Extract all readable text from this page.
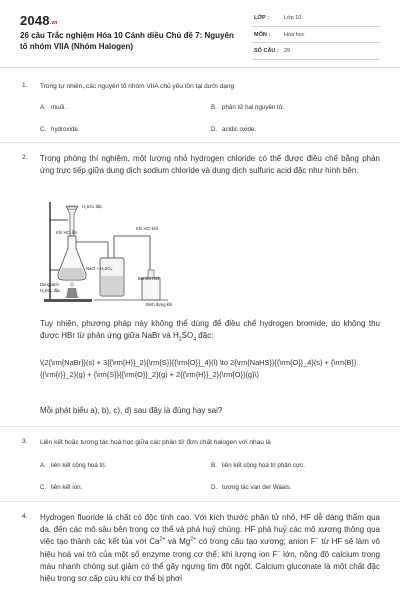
2048.vn
26 câu Trắc nghiệm Hóa 10 Cánh diều Chủ đề 7: Nguyên tố nhóm VIIA (Nhóm Halogen)
LỚP :	Lớp 10
MÔN :	Hóa học
SỐ CÂU : 29
1. Trong tự nhiên, các nguyên tố nhóm VIIA chủ yếu tồn tại dưới dạng
A. muối.	B. phân tử hai nguyên tử.
C. hydroxide.	D. acidic oxide.
2. Trong phòng thí nghiệm, một lượng nhỏ hydrogen chloride có thể được điều chế bằng phản ứng trực tiếp giữa dung dịch sodium chloride và dung dịch sulfuric acid đặc như hình bên.
H₂SO₄ đặc
Khí HCl ẩm
Khí HCl khô
NaCl + H₂SO₄
Bọt khí HCl
Dung dịch
H₂SO₄ đặc
Bình đựng khí
Tuy nhiên, phương pháp này không thể dùng để điều chế hydrogen bromide, do không thu được HBr từ phản ứng giữa NaBr và $H_2SO_4$ đặc:
\(2{\rm{NaBr}}(s) + 3{{\rm{H}}_2}{\rm{S}}{{\rm{O}}_4}(l) \to 2{\rm{NaHS}}{{\rm{O}}_4}(s) + {\rm{B}}{{\rm{r}}_2}(g) + {\rm{S}}{{\rm{O}}_2}(g) + 2{{\rm{H}}_2}{\rm{O}}(g)\)
Mỗi phát biểu a), b), c), d) sau đây là đúng hay sai?
3. Liên kết hoặc tương tác hoá học giữa các phân tử đơn chất halogen với nhau là
A. liên kết cộng hoá trị.	B. liên kết cộng hoá trị phân cực.
C. liên kết ion.	D. tương tác van der Waals.
4. Hydrogen fluoride là chất có độc tính cao. Với kích thước phân tử nhỏ, HF dễ dàng thấm qua da, đến các mô sâu bên trong cơ thể và phá huỷ chúng. HF phá huỷ các mô xương thông qua việc tạo thành các kết tủa với $Ca^{2+}$ và $Mg^{2+}$ có trong cấu tạo xương; anion F− từ HF sẽ làm vô hiệu hoá vai trò của một số enzyme trong cơ thể; khi lượng ion F− lớn, nồng độ calcium trong máu nhanh chóng sụt giảm có thể gây ngưng tim đột ngột. Calcium gluconate là một chất đặc hiệu trong sơ cấp cứu khi cơ thể bị phơi
